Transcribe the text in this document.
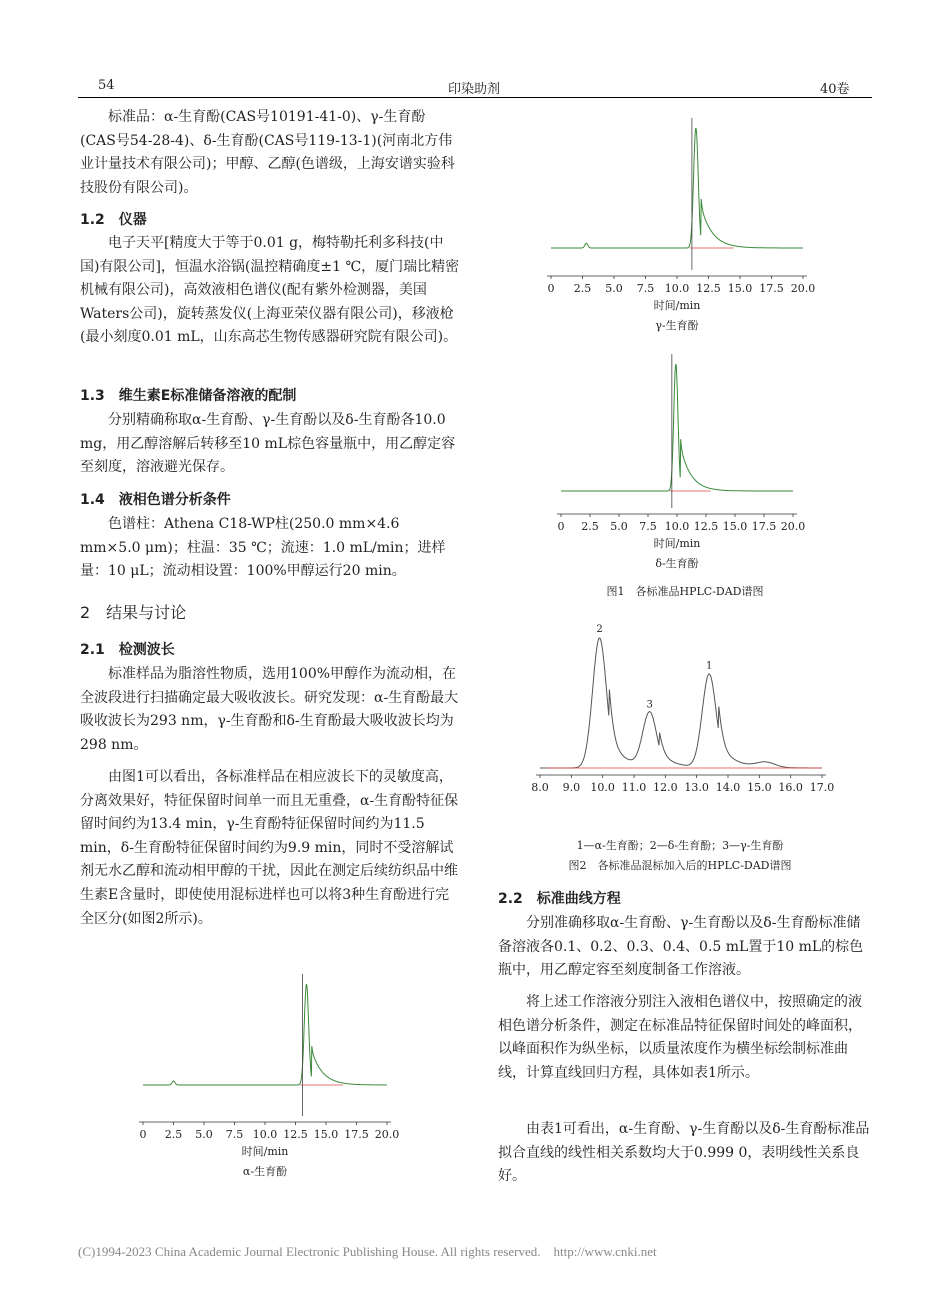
54	印染助剂	40卷

标准品：α-生育酚(CAS号10191-41-0)、γ-生育酚(CAS号54-28-4)、δ-生育酚(CAS号119-13-1)(河南北方伟业计量技术有限公司)；甲醇、乙醇(色谱级，上海安谱实验科技股份有限公司)。

1.2　仪器

电子天平[精度大于等于0.01 g，梅特勒托利多科技(中国)有限公司]，恒温水浴锅(温控精确度±1 ℃，厦门瑞比精密机械有限公司)，高效液相色谱仪(配有紫外检测器，美国Waters公司)，旋转蒸发仪(上海亚荣仪器有限公司)，移液枪(最小刻度0.01 mL，山东高芯生物传感器研究院有限公司)。

1.3　维生素E标准储备溶液的配制

分别精确称取α-生育酚、γ-生育酚以及δ-生育酚各10.0 mg，用乙醇溶解后转移至10 mL棕色容量瓶中，用乙醇定容至刻度，溶液避光保存。

1.4　液相色谱分析条件

色谱柱：Athena C18-WP柱(250.0 mm×4.6 mm×5.0 μm)；柱温：35 ℃；流速：1.0 mL/min；进样量：10 μL；流动相设置：100%甲醇运行20 min。

2　结果与讨论

2.1　检测波长

标准样品为脂溶性物质，选用100%甲醇作为流动相，在全波段进行扫描确定最大吸收波长。研究发现：α-生育酚最大吸收波长为293 nm，γ-生育酚和δ-生育酚最大吸收波长均为298 nm。

由图1可以看出，各标准样品在相应波长下的灵敏度高，分离效果好，特征保留时间单一而且无重叠，α-生育酚特征保留时间约为13.4 min，γ-生育酚特征保留时间约为11.5 min，δ-生育酚特征保留时间约为9.9 min，同时不受溶解试剂无水乙醇和流动相甲醇的干扰，因此在测定后续纺织品中维生素E含量时，即使使用混标进样也可以将3种生育酚进行完全区分(如图2所示)。

0 2.5 5.0 7.5 10.0 12.5 15.0 17.5 20.0
时间/min
α-生育酚
0 2.5 5.0 7.5 10.0 12.5 15.0 17.5 20.0
时间/min
γ-生育酚
0 2.5 5.0 7.5 10.0 12.5 15.0 17.5 20.0
时间/min
δ-生育酚

图1　各标准品HPLC-DAD谱图

8.0 9.0 10.0 11.0 12.0 13.0 14.0 15.0 16.0 17.0
2
3
1

1—α-生育酚；2—δ-生育酚；3—γ-生育酚

图2　各标准品混标加入后的HPLC-DAD谱图

2.2　标准曲线方程

分别准确移取α-生育酚、γ-生育酚以及δ-生育酚标准储备溶液各0.1、0.2、0.3、0.4、0.5 mL置于10 mL的棕色瓶中，用乙醇定容至刻度制备工作溶液。

将上述工作溶液分别注入液相色谱仪中，按照确定的液相色谱分析条件，测定在标准品特征保留时间处的峰面积，以峰面积作为纵坐标，以质量浓度作为横坐标绘制标准曲线，计算直线回归方程，具体如表1所示。

由表1可看出，α-生育酚、γ-生育酚以及δ-生育酚标准品拟合直线的线性相关系数均大于0.999 0，表明线性关系良好。

(C)1994-2023 China Academic Journal Electronic Publishing House. All rights reserved.    http://www.cnki.net
